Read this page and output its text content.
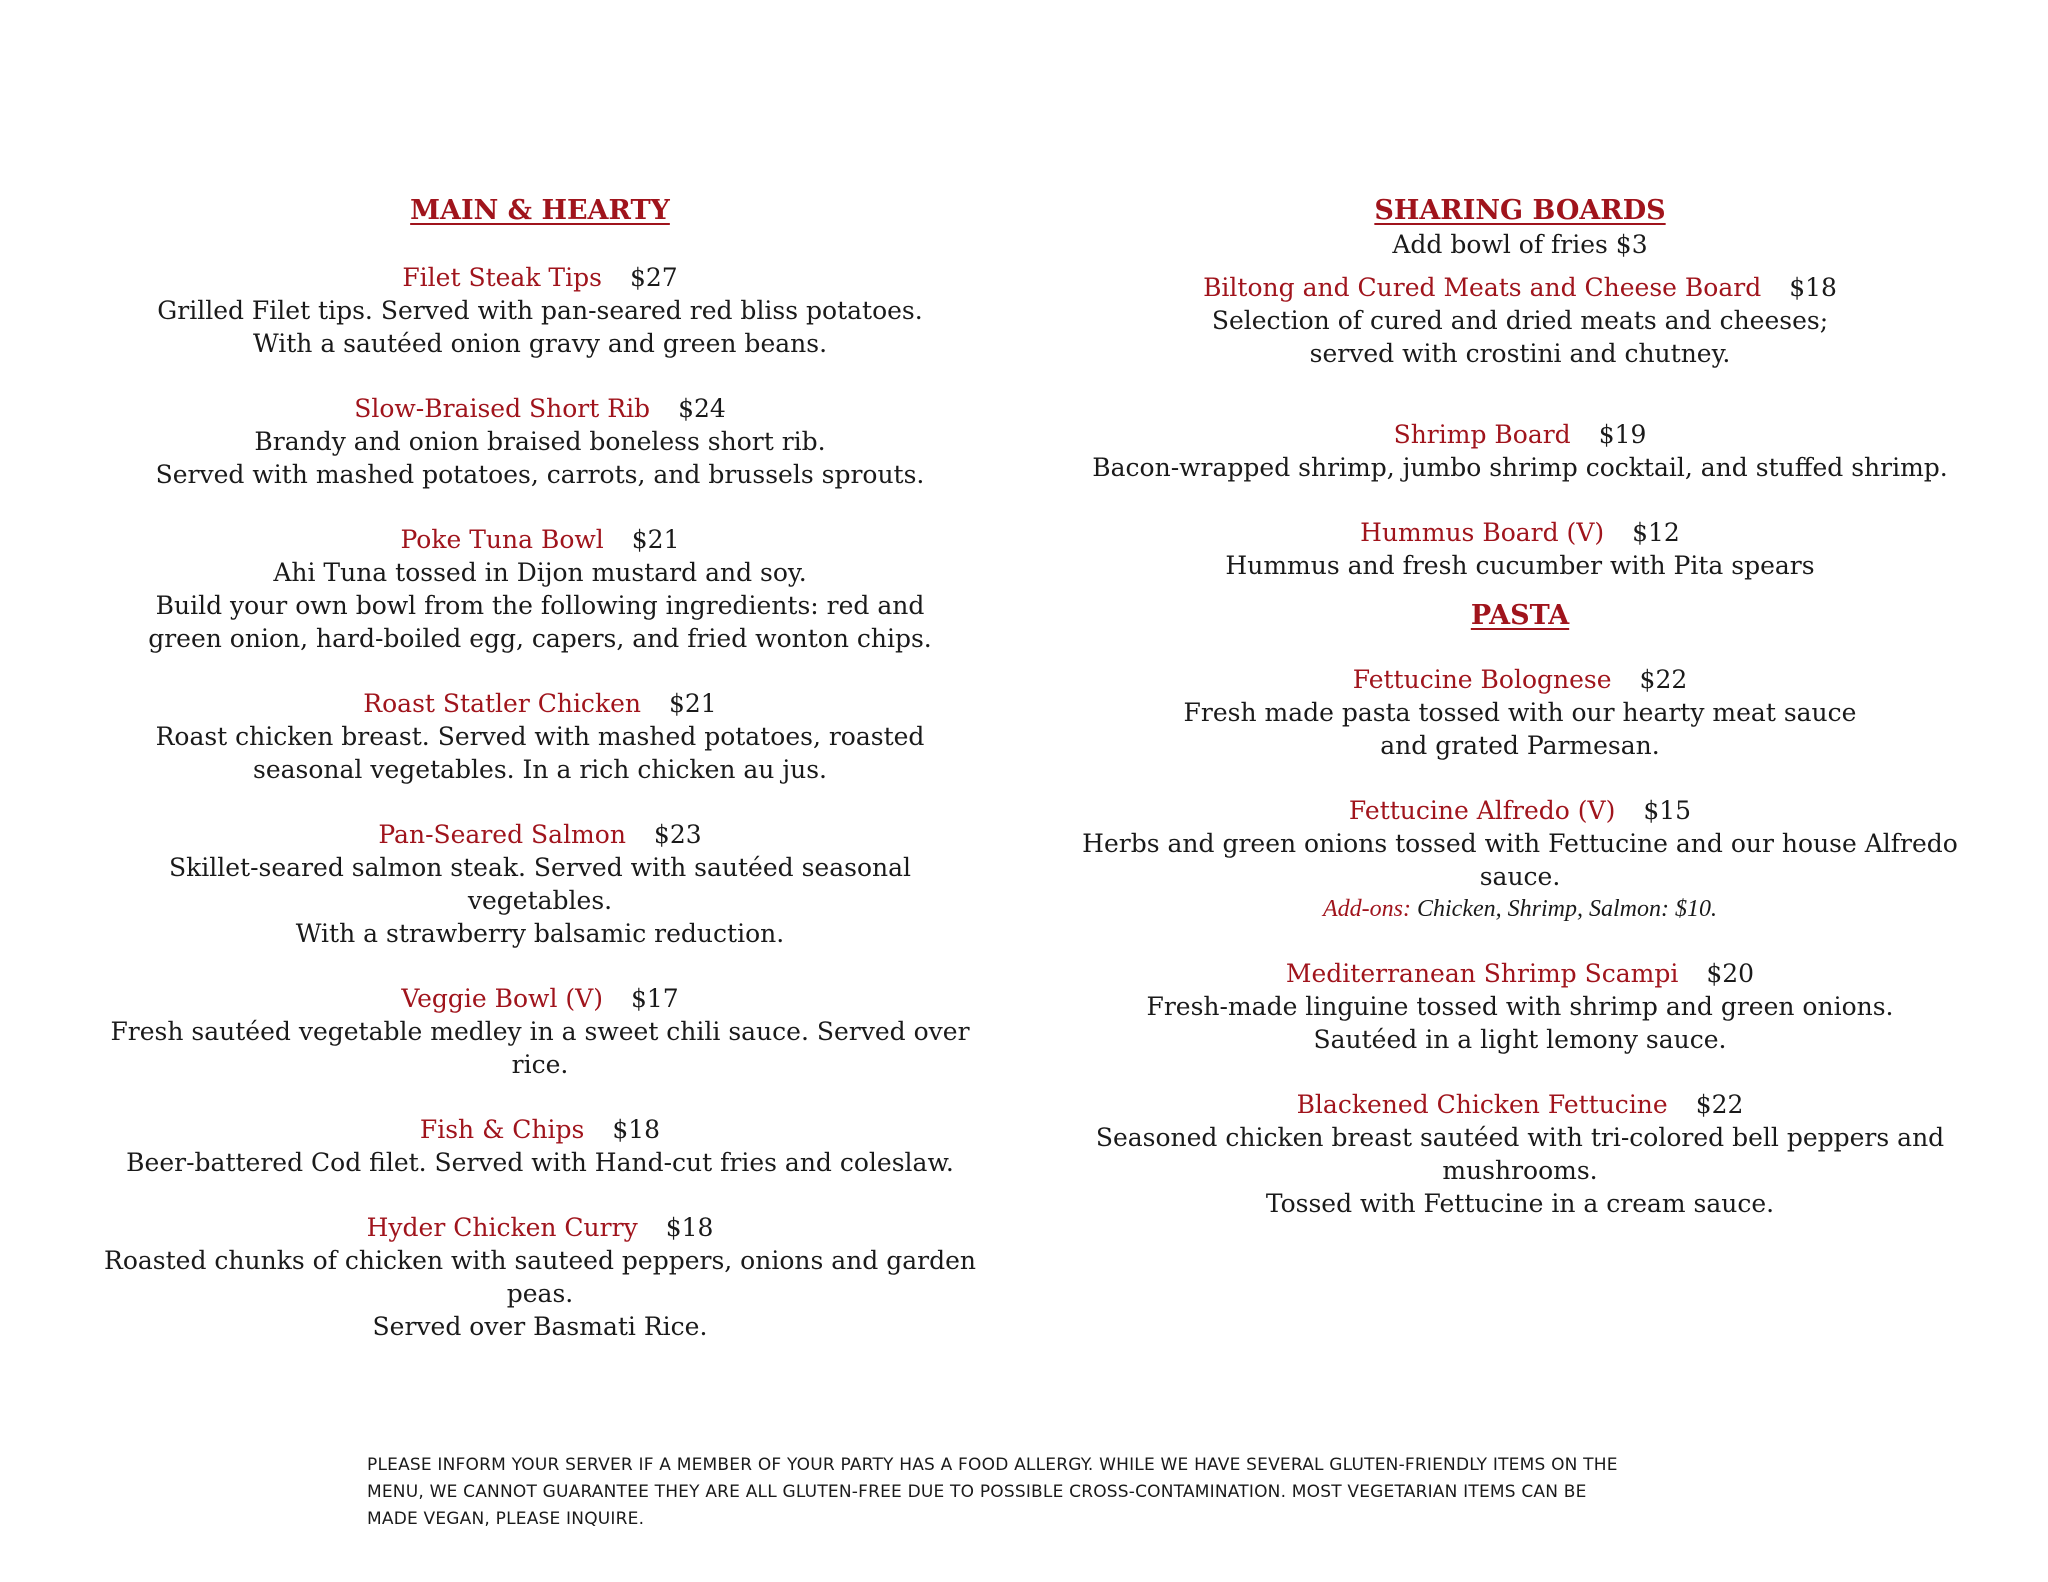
MAIN & HEARTY
Filet Steak Tips $27
Grilled Filet tips. Served with pan-seared red bliss potatoes.
With a sautéed onion gravy and green beans.
Slow-Braised Short Rib $24
Brandy and onion braised boneless short rib.
Served with mashed potatoes, carrots, and brussels sprouts.
Poke Tuna Bowl $21
Ahi Tuna tossed in Dijon mustard and soy.
Build your own bowl from the following ingredients: red and
green onion, hard-boiled egg, capers, and fried wonton chips.
Roast Statler Chicken $21
Roast chicken breast. Served with mashed potatoes, roasted
seasonal vegetables. In a rich chicken au jus.
Pan-Seared Salmon $23
Skillet-seared salmon steak. Served with sautéed seasonal vegetables.
With a strawberry balsamic reduction.
Veggie Bowl (V) $17
Fresh sautéed vegetable medley in a sweet chili sauce. Served over rice.
Fish & Chips $18
Beer-battered Cod filet. Served with Hand-cut fries and coleslaw.
Hyder Chicken Curry $18
Roasted chunks of chicken with sauteed peppers, onions and garden peas.
Served over Basmati Rice.
SHARING BOARDS
Add bowl of fries $3
Biltong and Cured Meats and Cheese Board $18
Selection of cured and dried meats and cheeses;
served with crostini and chutney.
Shrimp Board $19
Bacon-wrapped shrimp, jumbo shrimp cocktail, and stuffed shrimp.
Hummus Board (V) $12
Hummus and fresh cucumber with Pita spears
PASTA
Fettucine Bolognese $22
Fresh made pasta tossed with our hearty meat sauce
and grated Parmesan.
Fettucine Alfredo (V) $15
Herbs and green onions tossed with Fettucine and our house Alfredo sauce.
Add-ons: Chicken, Shrimp, Salmon: $10.
Mediterranean Shrimp Scampi $20
Fresh-made linguine tossed with shrimp and green onions.
Sautéed in a light lemony sauce.
Blackened Chicken Fettucine $22
Seasoned chicken breast sautéed with tri-colored bell peppers and mushrooms.
Tossed with Fettucine in a cream sauce.
PLEASE INFORM YOUR SERVER IF A MEMBER OF YOUR PARTY HAS A FOOD ALLERGY. WHILE WE HAVE SEVERAL GLUTEN-FRIENDLY ITEMS ON THE
MENU, WE CANNOT GUARANTEE THEY ARE ALL GLUTEN-FREE DUE TO POSSIBLE CROSS-CONTAMINATION. MOST VEGETARIAN ITEMS CAN BE
MADE VEGAN, PLEASE INQUIRE.
